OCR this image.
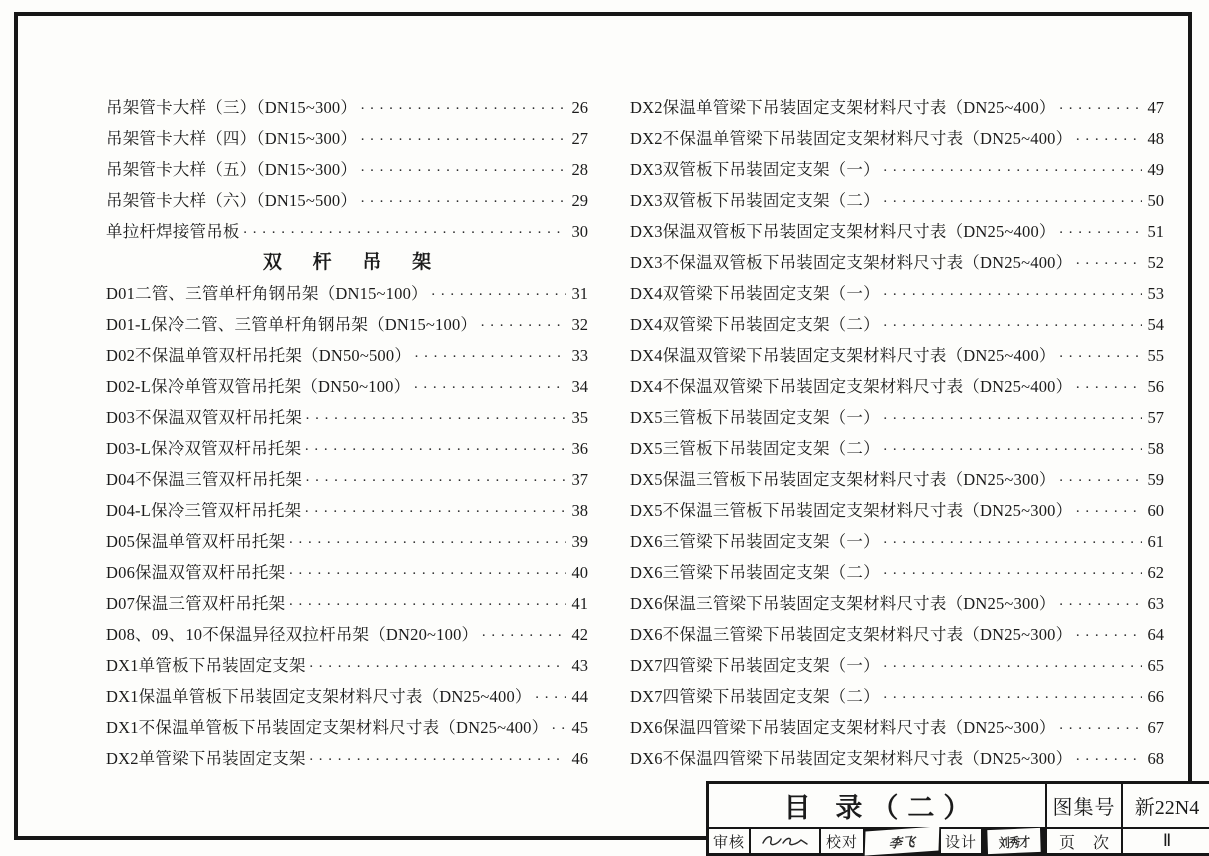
吊架管卡大样（三）（DN15~300） ·····	26
吊架管卡大样（四）（DN15~300） ·····	27
吊架管卡大样（五）（DN15~300） ·····	28
吊架管卡大样（六）（DN15~500） ·····	29
单拉杆焊接管吊板 ·····	30
双 杆 吊 架
D01二管、三管单杆角钢吊架（DN15~100） ·····	31
D01-L保冷二管、三管单杆角钢吊架（DN15~100） ·····	32
D02不保温单管双杆吊托架（DN50~500） ·····	33
D02-L保冷单管双管吊托架（DN50~100） ·····	34
D03不保温双管双杆吊托架 ·····	35
D03-L保冷双管双杆吊托架 ·····	36
D04不保温三管双杆吊托架 ·····	37
D04-L保冷三管双杆吊托架 ·····	38
D05保温单管双杆吊托架 ·····	39
D06保温双管双杆吊托架 ·····	40
D07保温三管双杆吊托架 ·····	41
D08、09、10不保温异径双拉杆吊架（DN20~100） ·····	42
DX1单管板下吊装固定支架 ·····	43
DX1保温单管板下吊装固定支架材料尺寸表（DN25~400） ·····	44
DX1不保温单管板下吊装固定支架材料尺寸表（DN25~400） ·····	45
DX2单管梁下吊装固定支架 ·····	46
DX2保温单管梁下吊装固定支架材料尺寸表（DN25~400） ·····	47
DX2不保温单管梁下吊装固定支架材料尺寸表（DN25~400） ·····	48
DX3双管板下吊装固定支架（一） ·····	49
DX3双管板下吊装固定支架（二） ·····	50
DX3保温双管板下吊装固定支架材料尺寸表（DN25~400） ·····	51
DX3不保温双管板下吊装固定支架材料尺寸表（DN25~400） ·····	52
DX4双管梁下吊装固定支架（一） ·····	53
DX4双管梁下吊装固定支架（二） ·····	54
DX4保温双管梁下吊装固定支架材料尺寸表（DN25~400） ·····	55
DX4不保温双管梁下吊装固定支架材料尺寸表（DN25~400） ·····	56
DX5三管板下吊装固定支架（一） ·····	57
DX5三管板下吊装固定支架（二） ·····	58
DX5保温三管板下吊装固定支架材料尺寸表（DN25~300） ·····	59
DX5不保温三管板下吊装固定支架材料尺寸表（DN25~300） ·····	60
DX6三管梁下吊装固定支架（一） ·····	61
DX6三管梁下吊装固定支架（二） ·····	62
DX6保温三管梁下吊装固定支架材料尺寸表（DN25~300） ·····	63
DX6不保温三管梁下吊装固定支架材料尺寸表（DN25~300） ·····	64
DX7四管梁下吊装固定支架（一） ·····	65
DX7四管梁下吊装固定支架（二） ·····	66
DX6保温四管梁下吊装固定支架材料尺寸表（DN25~300） ·····	67
DX6不保温四管梁下吊装固定支架材料尺寸表（DN25~300） ·····	68
目 录（二）	图集号 新22N4
审核	校对	李飞	设计	刘秀才	页 次	Ⅱ
